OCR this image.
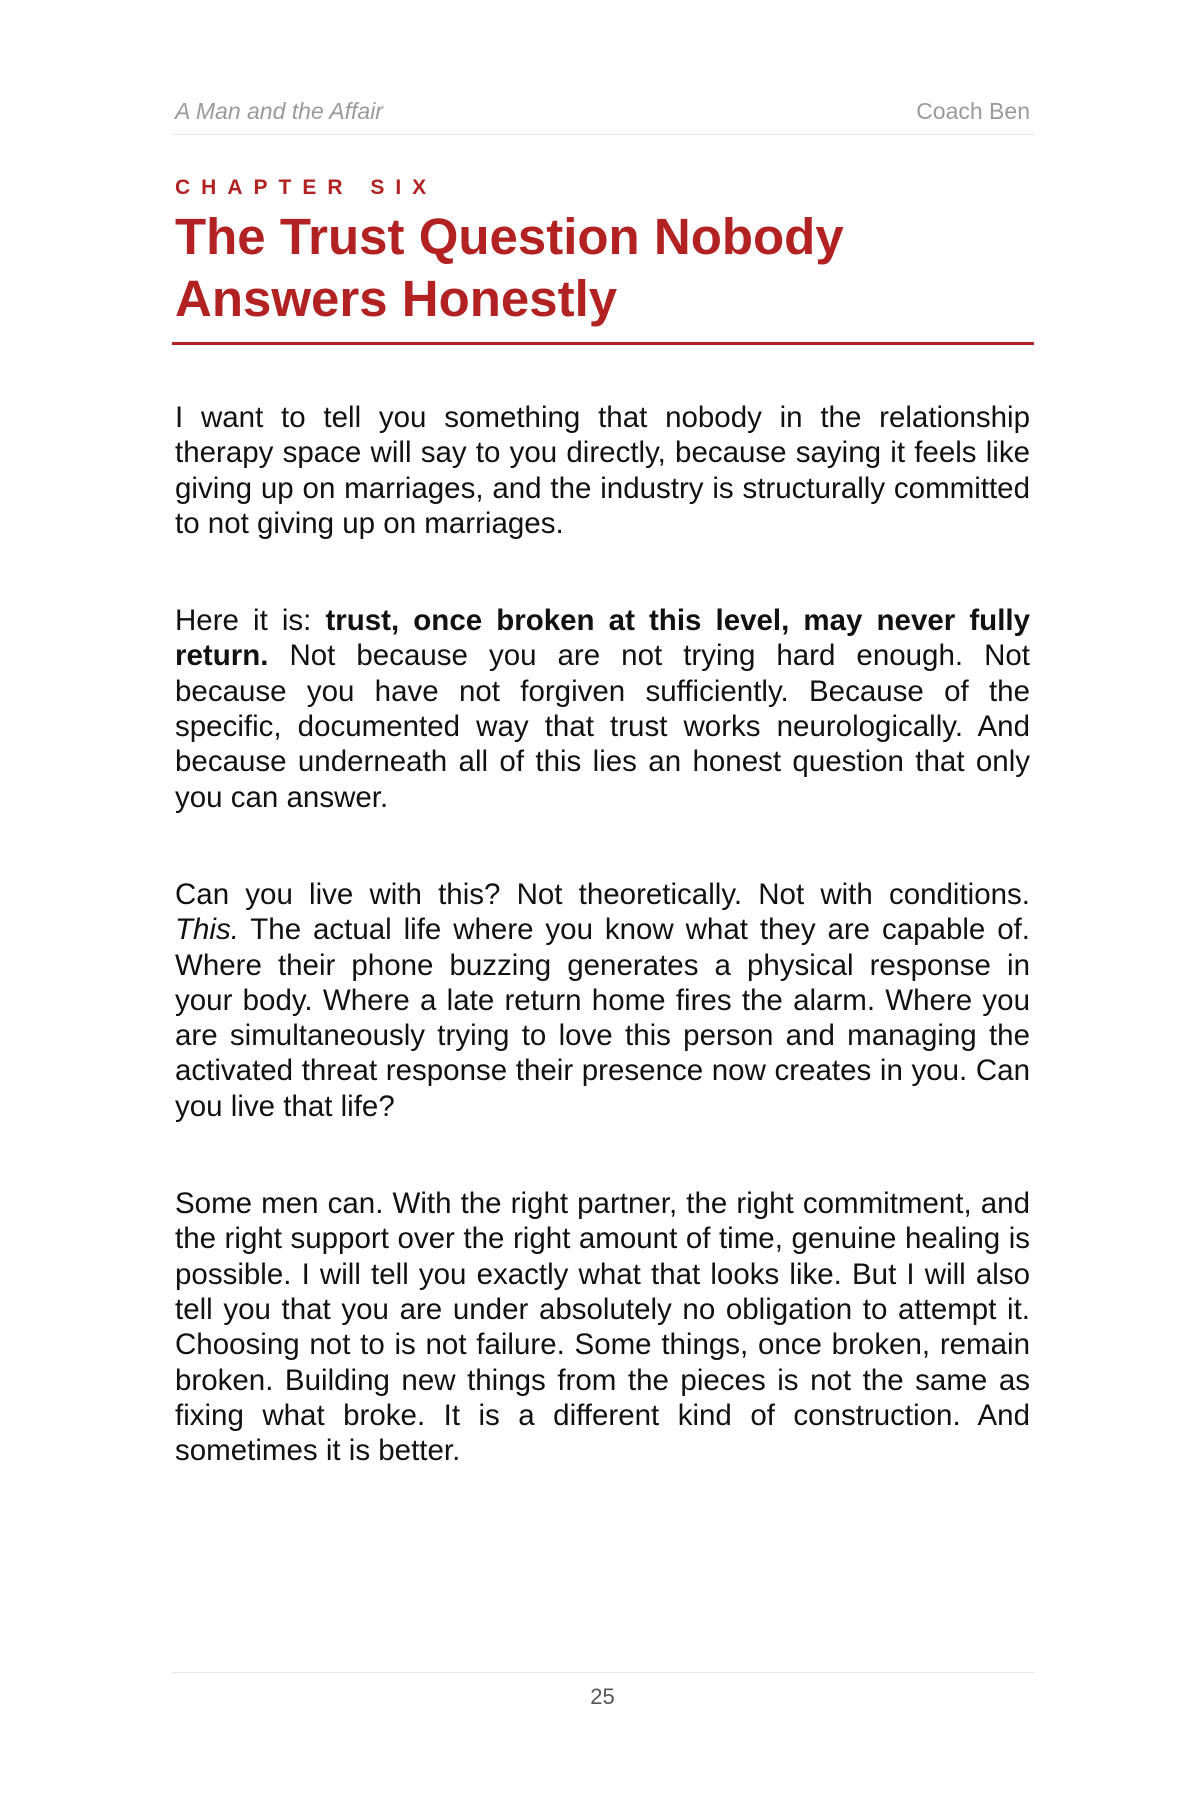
A Man and the Affair	Coach Ben
CHAPTER SIX
The Trust Question Nobody Answers Honestly

I want to tell you something that nobody in the relationship therapy space will say to you directly, because saying it feels like giving up on marriages, and the industry is structurally committed to not giving up on marriages.

Here it is: trust, once broken at this level, may never fully return. Not because you are not trying hard enough. Not because you have not forgiven sufficiently. Because of the specific, documented way that trust works neurologically. And because underneath all of this lies an honest question that only you can answer.

Can you live with this? Not theoretically. Not with conditions. This. The actual life where you know what they are capable of. Where their phone buzzing generates a physical response in your body. Where a late return home fires the alarm. Where you are simultaneously trying to love this person and managing the activated threat response their presence now creates in you. Can you live that life?

Some men can. With the right partner, the right commitment, and the right support over the right amount of time, genuine healing is possible. I will tell you exactly what that looks like. But I will also tell you that you are under absolutely no obligation to attempt it. Choosing not to is not failure. Some things, once broken, remain broken. Building new things from the pieces is not the same as fixing what broke. It is a different kind of construction. And sometimes it is better.

25
